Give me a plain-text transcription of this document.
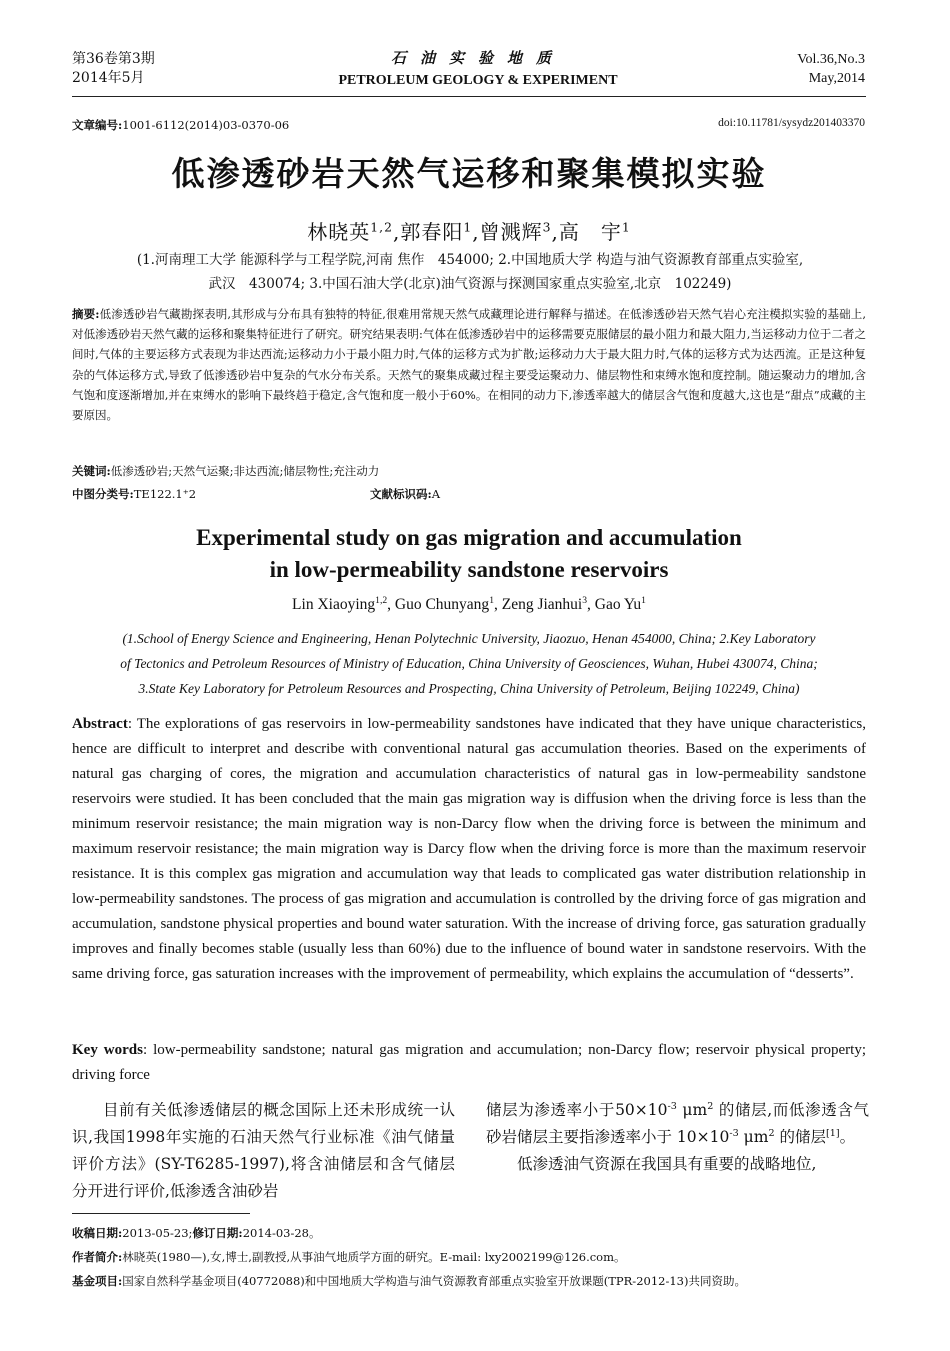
第36卷第3期
2014年5月
石油实验地质
PETROLEUM GEOLOGY & EXPERIMENT
Vol.36,No.3
May,2014
文章编号:1001-6112(2014)03-0370-06	doi:10.11781/sysydz201403370
低渗透砂岩天然气运移和聚集模拟实验
林晓英$^{1,2}$,郭春阳$^1$,曾溅辉$^3$,高　宇$^1$
(1.河南理工大学 能源科学与工程学院,河南 焦作　454000; 2.中国地质大学 构造与油气资源教育部重点实验室,
武汉　430074; 3.中国石油大学(北京)油气资源与探测国家重点实验室,北京　102249)
摘要:低渗透砂岩气藏勘探表明,其形成与分布具有独特的特征,很难用常规天然气成藏理论进行解释与描述。在低渗透砂岩天然气岩心充注模拟实验的基础上,对低渗透砂岩天然气藏的运移和聚集特征进行了研究。研究结果表明:气体在低渗透砂岩中的运移需要克服储层的最小阻力和最大阻力,当运移动力位于二者之间时,气体的主要运移方式表现为非达西流;运移动力小于最小阻力时,气体的运移方式为扩散;运移动力大于最大阻力时,气体的运移方式为达西流。正是这种复杂的气体运移方式,导致了低渗透砂岩中复杂的气水分布关系。天然气的聚集成藏过程主要受运聚动力、储层物性和束缚水饱和度控制。随运聚动力的增加,含气饱和度逐渐增加,并在束缚水的影响下最终趋于稳定,含气饱和度一般小于60%。在相同的动力下,渗透率越大的储层含气饱和度越大,这也是“甜点”成藏的主要原因。
关键词:低渗透砂岩;天然气运聚;非达西流;储层物性;充注动力
中图分类号:TE122.1⁺2	文献标识码:A
Experimental study on gas migration and accumulation
in low-permeability sandstone reservoirs
Lin Xiaoying$^{1,2}$, Guo Chunyang$^1$, Zeng Jianhui$^3$, Gao Yu$^1$
(1.School of Energy Science and Engineering, Henan Polytechnic University, Jiaozuo, Henan 454000, China; 2.Key Laboratory
of Tectonics and Petroleum Resources of Ministry of Education, China University of Geosciences, Wuhan, Hubei 430074, China;
3.State Key Laboratory for Petroleum Resources and Prospecting, China University of Petroleum, Beijing 102249, China)
Abstract: The explorations of gas reservoirs in low-permeability sandstones have indicated that they have unique characteristics, hence are difficult to interpret and describe with conventional natural gas accumulation theories. Based on the experiments of natural gas charging of cores, the migration and accumulation characteristics of natural gas in low-permeability sandstone reservoirs were studied. It has been concluded that the main gas migration way is diffusion when the driving force is less than the minimum reservoir resistance; the main migration way is non-Darcy flow when the driving force is between the minimum and maximum reservoir resistance; the main migration way is Darcy flow when the driving force is more than the maximum reservoir resistance. It is this complex gas migration and accumulation way that leads to complicated gas water distribution relationship in low-permeability sandstones. The process of gas migration and accumulation is controlled by the driving force of gas migration and accumulation, sandstone physical properties and bound water saturation. With the increase of driving force, gas saturation gradually improves and finally becomes stable (usually less than 60%) due to the influence of bound water in sandstone reservoirs. With the same driving force, gas saturation increases with the improvement of permeability, which explains the accumulation of “desserts”.
Key words: low-permeability sandstone; natural gas migration and accumulation; non-Darcy flow; reservoir physical property; driving force
目前有关低渗透储层的概念国际上还未形成统一认识,我国1998年实施的石油天然气行业标准《油气储量评价方法》(SY-T6285-1997),将含油储层和含气储层分开进行评价,低渗透含油砂岩
储层为渗透率小于$50\times 10^{-3}$ $\mu m^2$ 的储层,而低渗透含气砂岩储层主要指渗透率小于 $10\times 10^{-3}$ $\mu m^2$ 的储层[1]。
低渗透油气资源在我国具有重要的战略地位,
收稿日期:2013-05-23;修订日期:2014-03-28。
作者简介:林晓英(1980—),女,博士,副教授,从事油气地质学方面的研究。E-mail: lxy2002199@126.com。
基金项目:国家自然科学基金项目(40772088)和中国地质大学构造与油气资源教育部重点实验室开放课题(TPR-2012-13)共同资助。
